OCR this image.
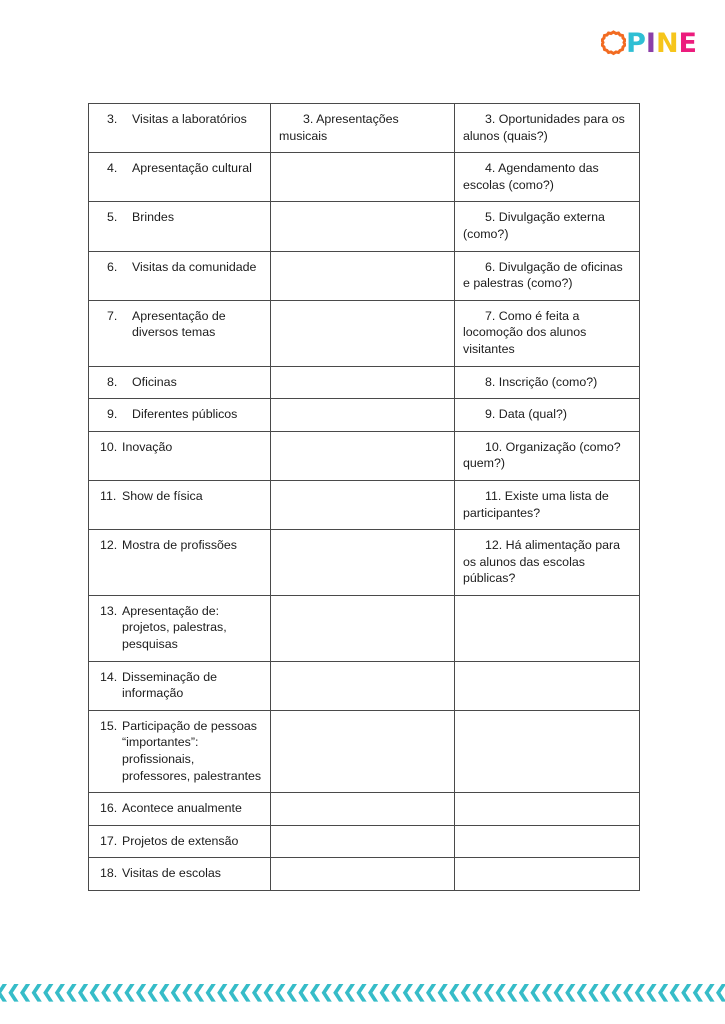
P I N E
3. Visitas a laboratórios	3. Apresentações musicais	3. Oportunidades para os alunos (quais?)

4. Apresentação cultural		4. Agendamento das escolas (como?)

5. Brindes		5. Divulgação externa (como?)

6. Visitas da comunidade		6. Divulgação de oficinas e palestras (como?)

7. Apresentação de diversos temas		7. Como é feita a locomoção dos alunos visitantes

8. Oficinas		8. Inscrição (como?)

9. Diferentes públicos		9. Data (qual?)

10. Inovação		10. Organização (como? quem?)

11. Show de física		11. Existe uma lista de participantes?

12. Mostra de profissões		12. Há alimentação para os alunos das escolas públicas?

13. Apresentação de: projetos, palestras, pesquisas		

14. Disseminação de informação		

15. Participação de pessoas “importantes”: profissionais, professores, palestrantes		

16. Acontece anualmente		

17. Projetos de extensão		

18. Visitas de escolas		
